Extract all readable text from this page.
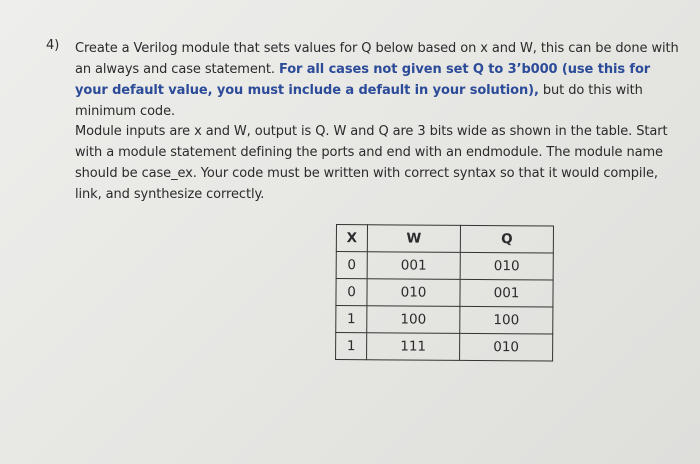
4) Create a Verilog module that sets values for Q below based on x and W, this can be done with an always and case statement. For all cases not given set Q to 3’b000 (use this for your default value, you must include a default in your solution), but do this with minimum code.
Module inputs are x and W, output is Q. W and Q are 3 bits wide as shown in the table. Start with a module statement defining the ports and end with an endmodule. The module name should be case_ex. Your code must be written with correct syntax so that it would compile, link, and synthesize correctly.
X	W	Q
0	001	010
0	010	001
1	100	100
1	111	010
